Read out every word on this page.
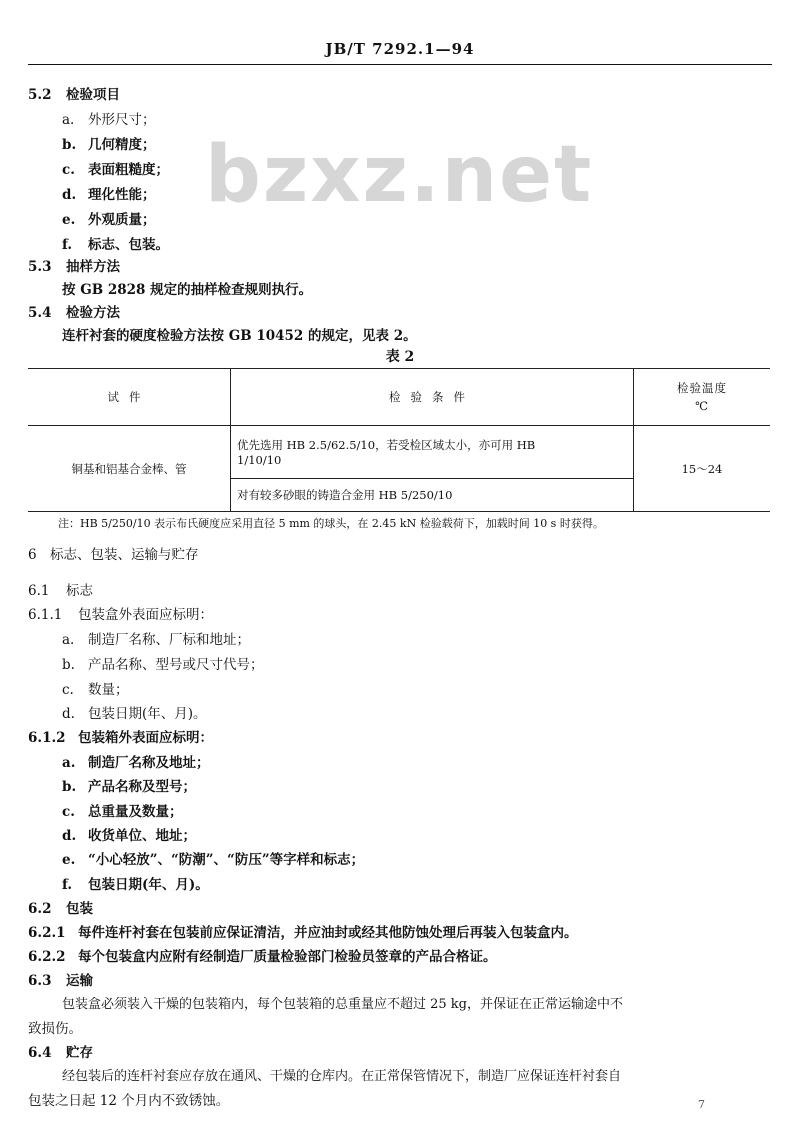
JB/T 7292.1—94
bzxz.net
5.2 检验项目
a. 外形尺寸；
b. 几何精度；
c. 表面粗糙度；
d. 理化性能；
e. 外观质量；
f. 标志、包装。
5.3 抽样方法
按 GB 2828 规定的抽样检查规则执行。
5.4 检验方法
连杆衬套的硬度检验方法按 GB 10452 的规定，见表 2。
表 2
试件	检验条件	检验温度
℃

铜基和铝基合金棒、管	优先选用 HB 2.5/62.5/10，若受检区域太小，亦可用 HB
1/10/10	15～24
	对有较多砂眼的铸造合金用 HB 5/250/10	
注：HB 5/250/10 表示布氏硬度应采用直径 5 mm 的球头，在 2.45 kN 检验载荷下，加载时间 10 s 时获得。
6 标志、包装、运输与贮存
6.1 标志
6.1.1 包装盒外表面应标明：
a. 制造厂名称、厂标和地址；
b. 产品名称、型号或尺寸代号；
c. 数量；
d. 包装日期(年、月)。
6.1.2 包装箱外表面应标明：
a. 制造厂名称及地址；
b. 产品名称及型号；
c. 总重量及数量；
d. 收货单位、地址；
e. “小心轻放”、“防潮”、“防压”等字样和标志；
f. 包装日期(年、月)。
6.2 包装
6.2.1 每件连杆衬套在包装前应保证清洁，并应油封或经其他防蚀处理后再装入包装盒内。
6.2.2 每个包装盒内应附有经制造厂质量检验部门检验员签章的产品合格证。
6.3 运输
包装盒必须装入干燥的包装箱内，每个包装箱的总重量应不超过 25 kg，并保证在正常运输途中不
致损伤。
6.4 贮存
经包装后的连杆衬套应存放在通风、干燥的仓库内。在正常保管情况下，制造厂应保证连杆衬套自
包装之日起 12 个月内不致锈蚀。	7
